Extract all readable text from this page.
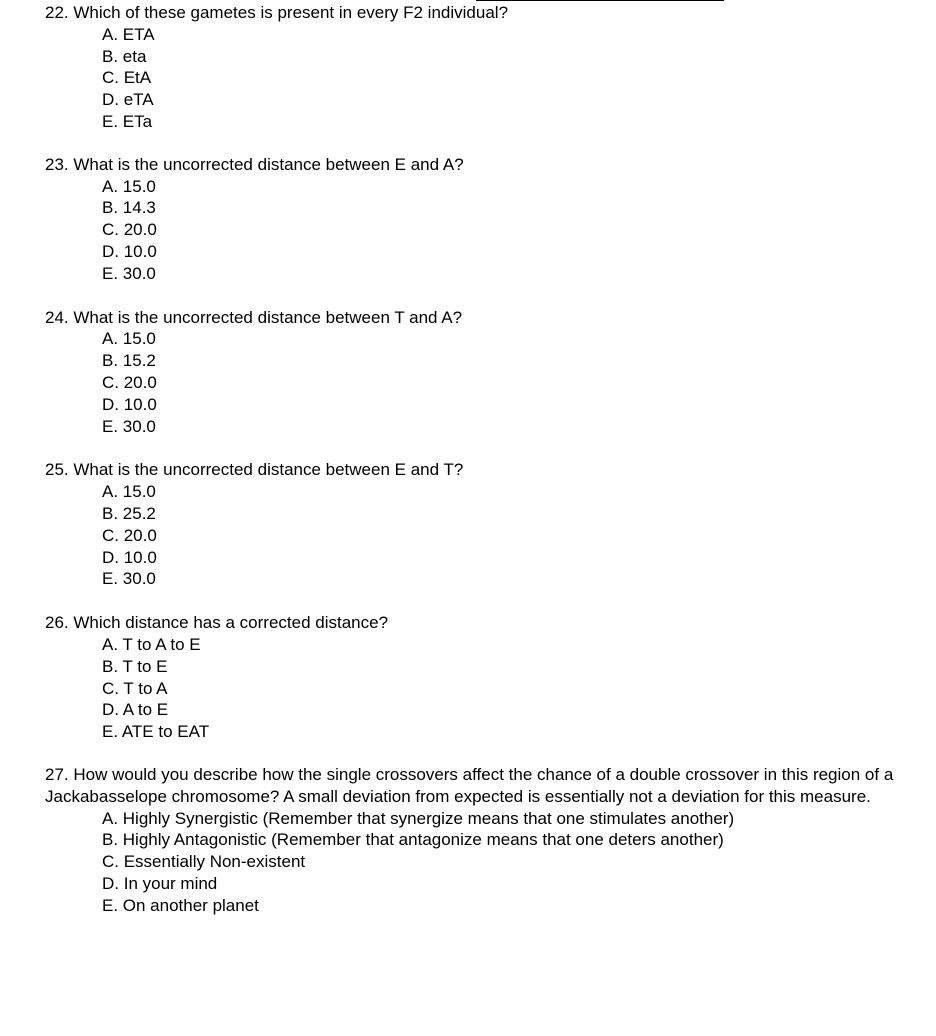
22. Which of these gametes is present in every F2 individual?

A. ETA
B. eta
C. EtA
D. eTA
E. ETa

23. What is the uncorrected distance between E and A?

A. 15.0
B. 14.3
C. 20.0
D. 10.0
E. 30.0

24. What is the uncorrected distance between T and A?

A. 15.0
B. 15.2
C. 20.0
D. 10.0
E. 30.0

25. What is the uncorrected distance between E and T?

A. 15.0
B. 25.2
C. 20.0
D. 10.0
E. 30.0

26. Which distance has a corrected distance?

A. T to A to E
B. T to E
C. T to A
D. A to E
E. ATE to EAT

27. How would you describe how the single crossovers affect the chance of a double crossover in this region of a Jackabasselope chromosome? A small deviation from expected is essentially not a deviation for this measure.

A. Highly Synergistic (Remember that synergize means that one stimulates another)
B. Highly Antagonistic (Remember that antagonize means that one deters another)
C. Essentially Non-existent
D. In your mind
E. On another planet
